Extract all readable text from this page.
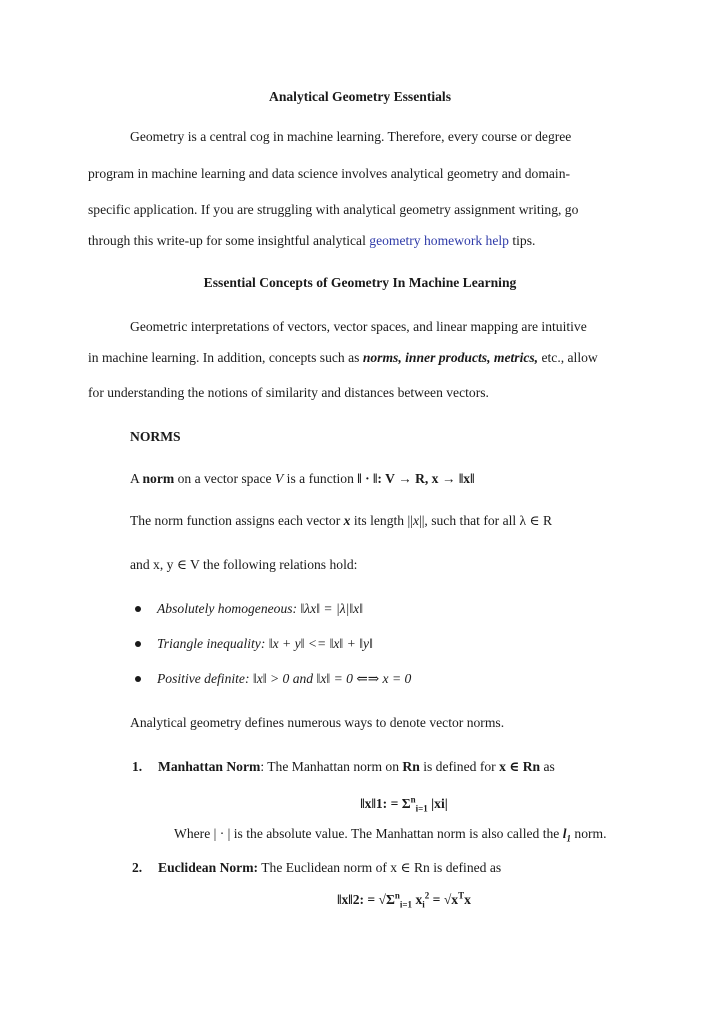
Analytical Geometry Essentials
Geometry is a central cog in machine learning. Therefore, every course or degree
program in machine learning and data science involves analytical geometry and domain-
specific application. If you are struggling with analytical geometry assignment writing, go
through this write-up for some insightful analytical geometry homework help tips.
Essential Concepts of Geometry In Machine Learning
Geometric interpretations of vectors, vector spaces, and linear mapping are intuitive
in machine learning. In addition, concepts such as norms, inner products, metrics, etc., allow
for understanding the notions of similarity and distances between vectors.
NORMS
A norm on a vector space V is a function ǁ · ǁ: V → R, x → ǁxǁ
The norm function assigns each vector x its length ||x||, such that for all λ ∈ R
and x, y ∈ V the following relations hold:
Absolutely homogeneous: ǁλxǁ = |λ|ǁxǁ
Triangle inequality: ǁx + yǁ <= ǁxǁ + ǁyǁ
Positive definite: ǁxǁ > 0 and ǁxǁ = 0 ⇐⇒ x = 0
Analytical geometry defines numerous ways to denote vector norms.
1. Manhattan Norm: The Manhattan norm on Rn is defined for x ∈ Rn as
ǁxǁ1: = $\Sigma^n_{i=1}$ |xi|
Where | · | is the absolute value. The Manhattan norm is also called the $l_1$ norm.
2. Euclidean Norm: The Euclidean norm of x ∈ Rn is defined as
ǁxǁ2: = $√\Sigma^n_{i=1}$ $x_i^2 = √x^Tx$
